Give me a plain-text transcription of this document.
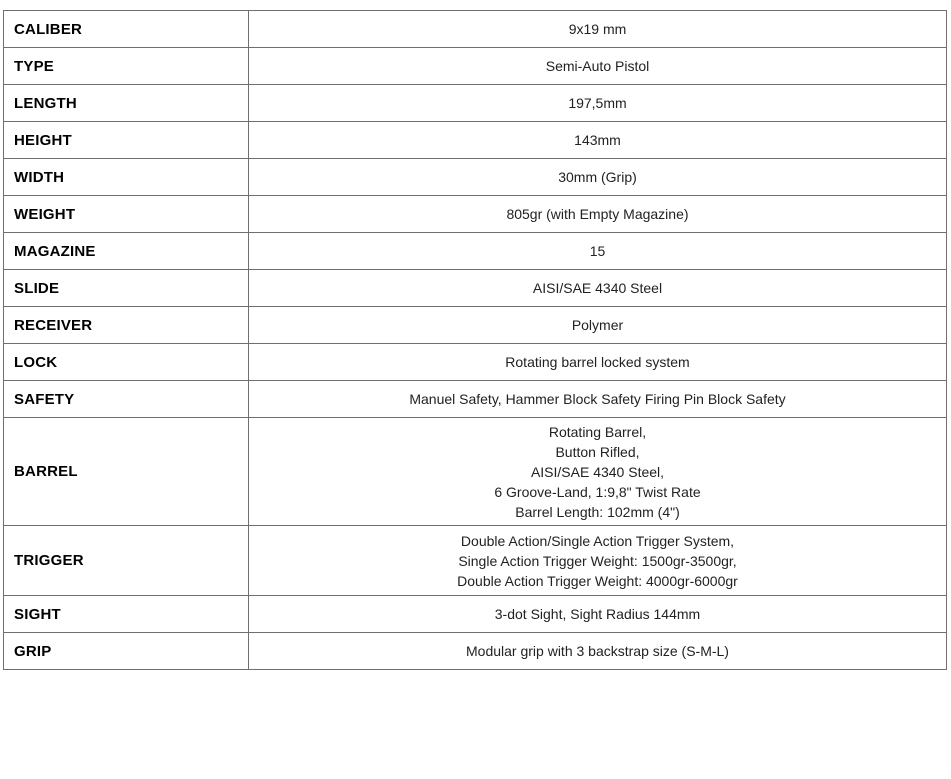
CALIBER	9x19 mm
TYPE	Semi-Auto Pistol
LENGTH	197,5mm
HEIGHT	143mm
WIDTH	30mm (Grip)
WEIGHT	805gr (with Empty Magazine)
MAGAZINE	15
SLIDE	AISI/SAE 4340 Steel
RECEIVER	Polymer
LOCK	Rotating barrel locked system
SAFETY	Manuel Safety, Hammer Block Safety Firing Pin Block Safety
BARREL	Rotating Barrel,
Button Rifled,
AISI/SAE 4340 Steel,
6 Groove-Land, 1:9,8" Twist Rate
Barrel Length: 102mm (4")

TRIGGER	Double Action/Single Action Trigger System,
Single Action Trigger Weight: 1500gr-3500gr,
Double Action Trigger Weight: 4000gr-6000gr

SIGHT	3-dot Sight, Sight Radius 144mm
GRIP	Modular grip with 3 backstrap size (S-M-L)
